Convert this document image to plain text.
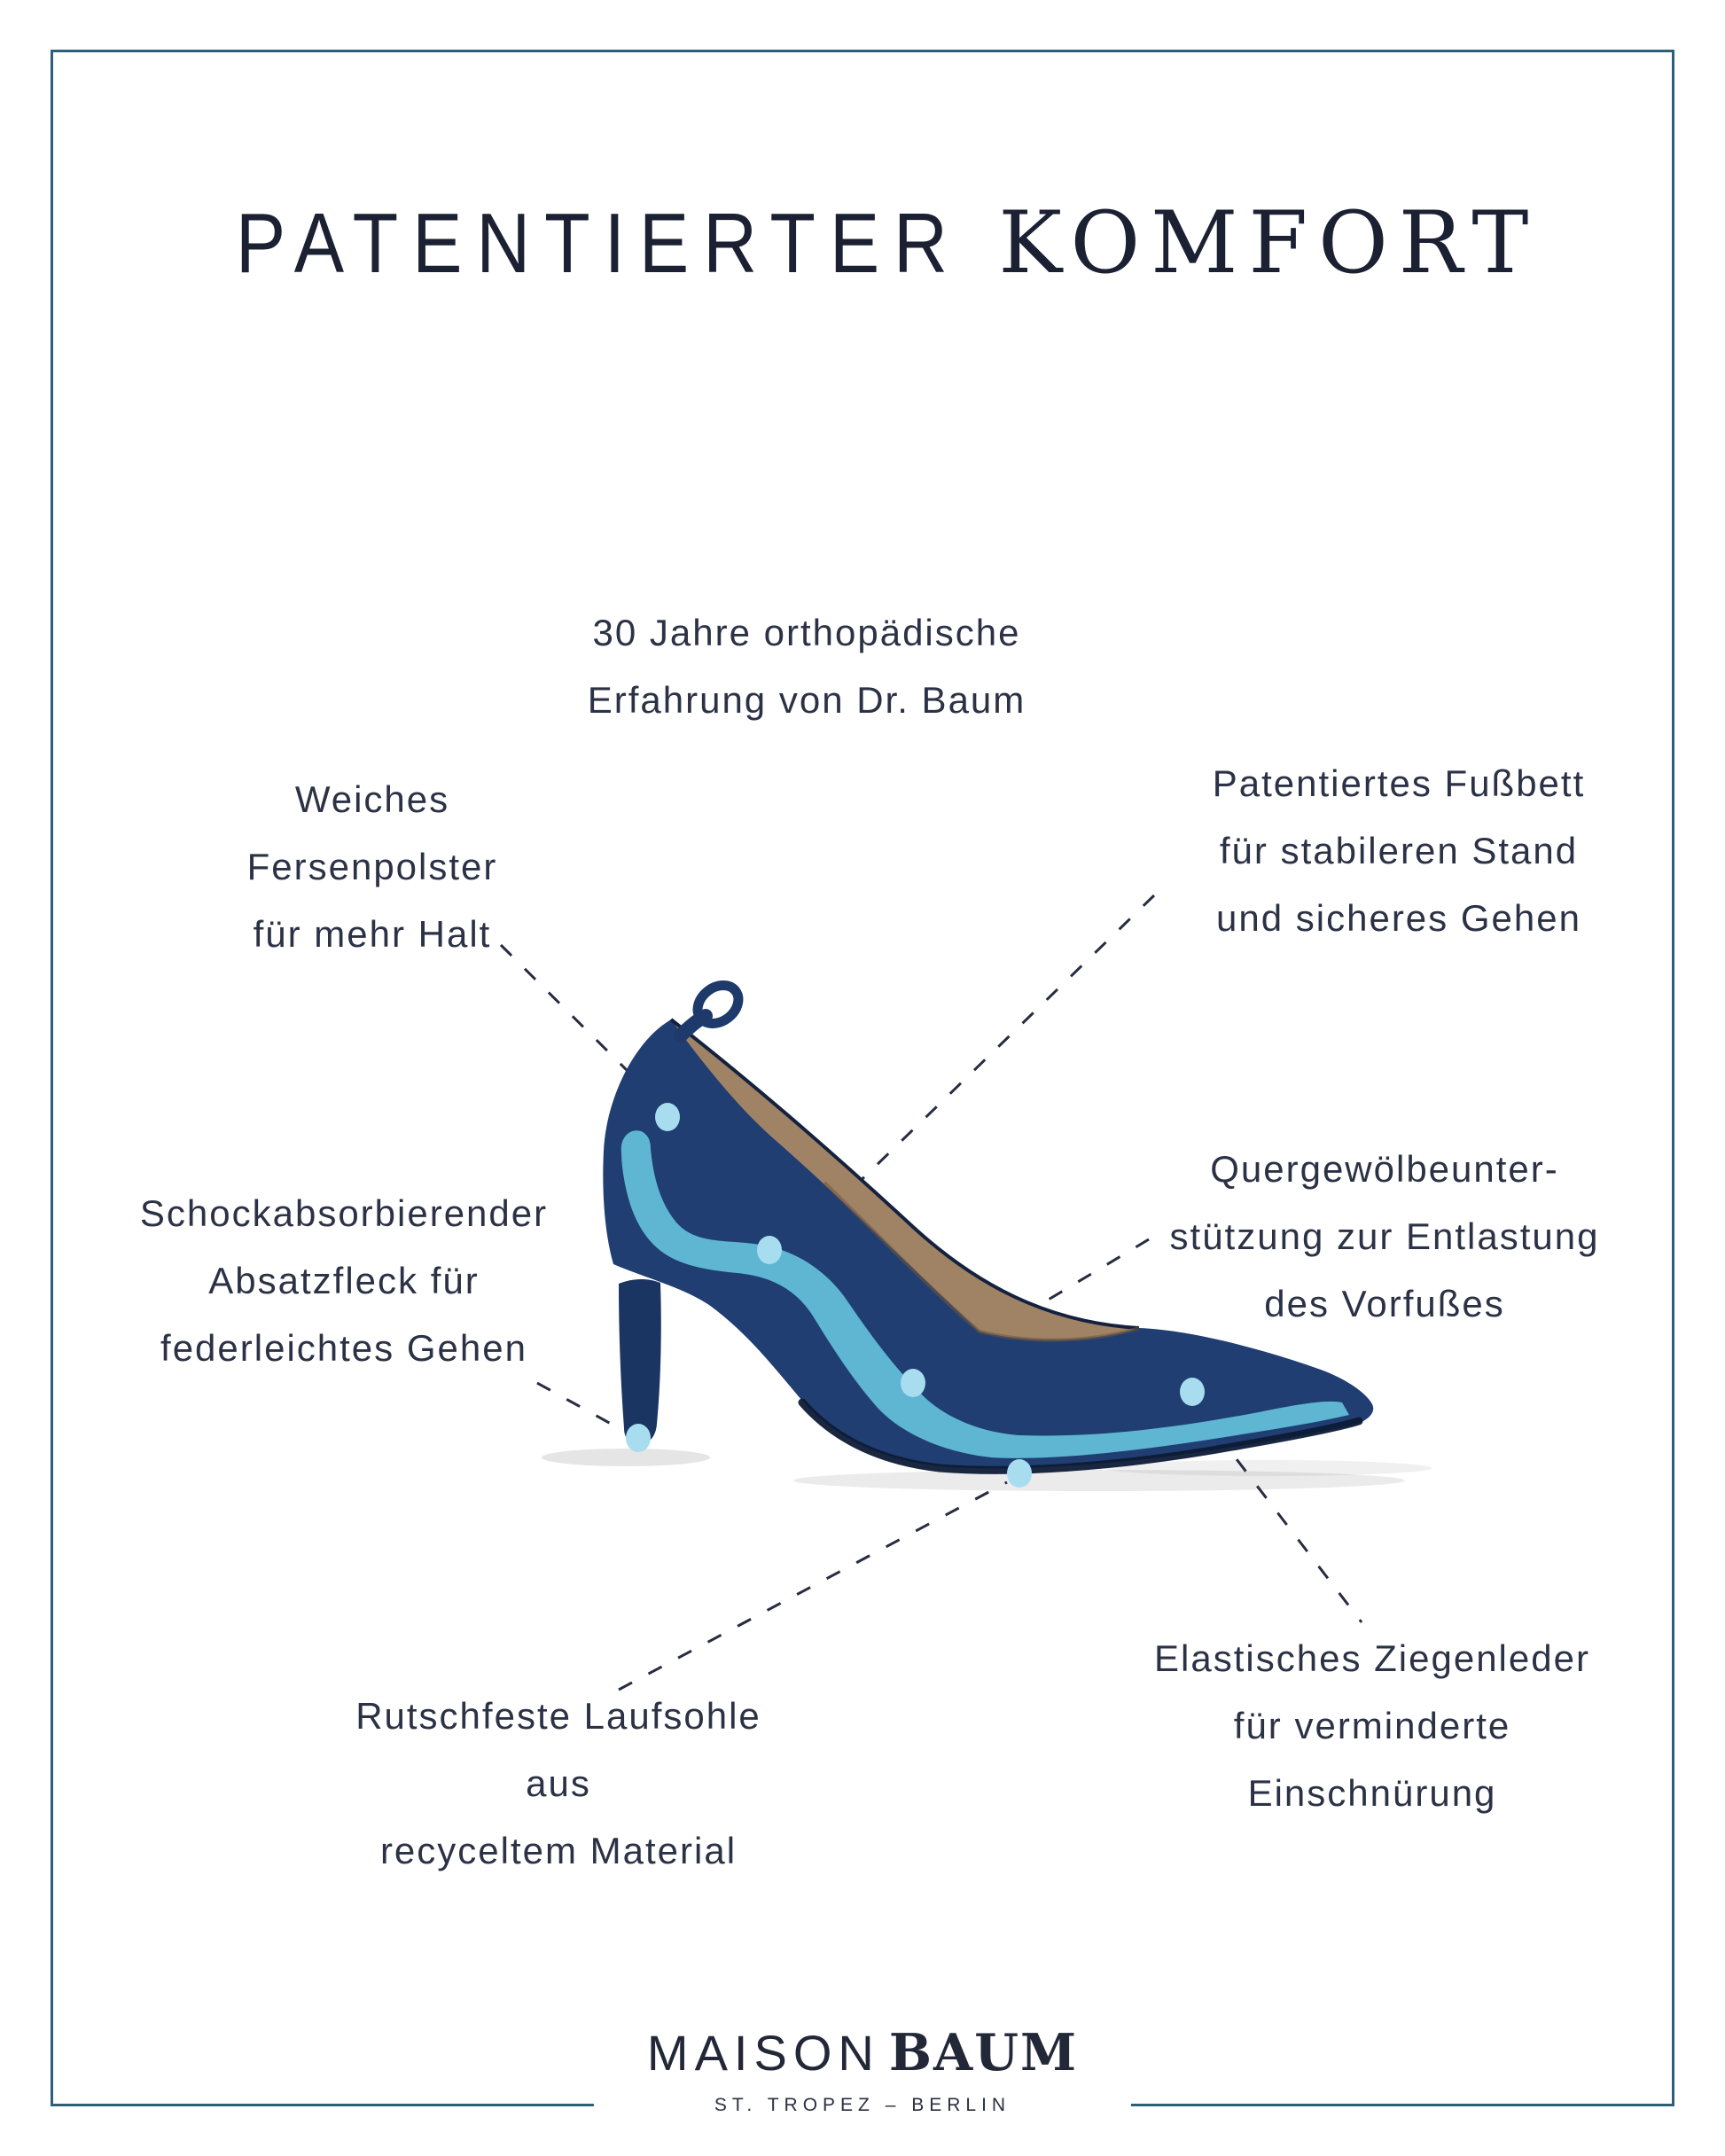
PATENTIERTER KOMFORT
30 Jahre orthopädische
Erfahrung von Dr. Baum
Weiches
Fersenpolster
für mehr Halt
Patentiertes Fußbett
für stabileren Stand
und sicheres Gehen
Schockabsorbierender
Absatzfleck für
federleichtes Gehen
Quergewölbeunter-
stützung zur Entlastung
des Vorfußes
Rutschfeste Laufsohle
aus
recyceltem Material
Elastisches Ziegenleder
für verminderte
Einschnürung
MAISON BAUM
ST. TROPEZ – BERLIN
